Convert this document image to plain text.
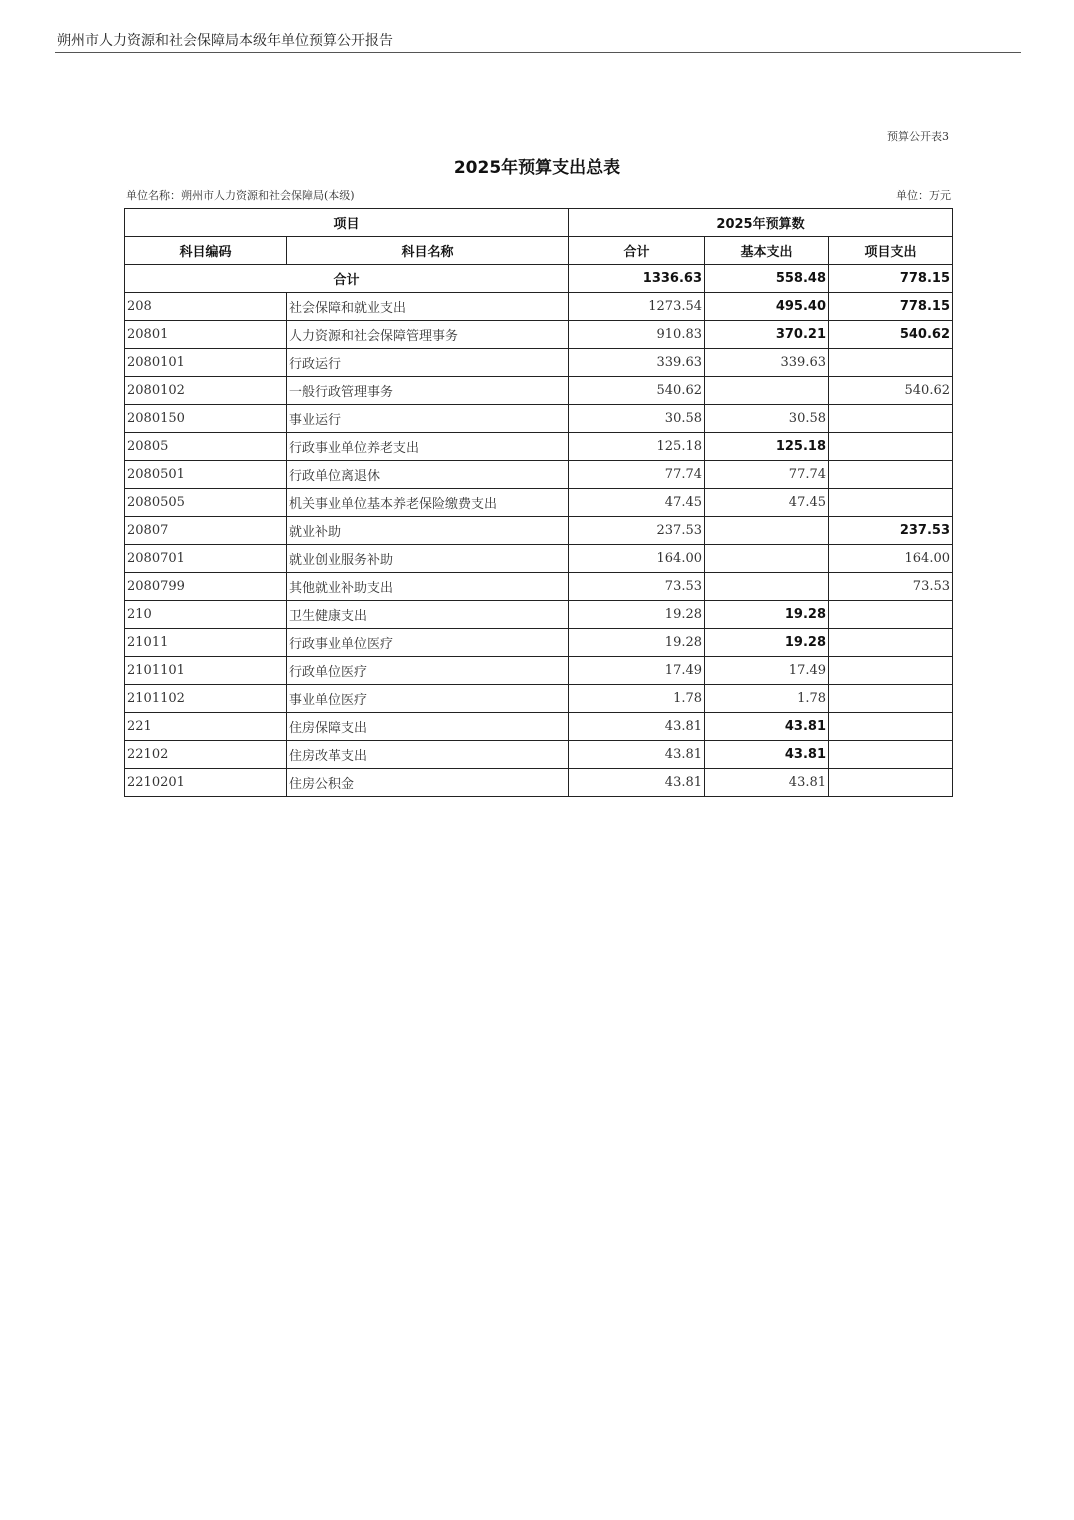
朔州市人力资源和社会保障局本级年单位预算公开报告
预算公开表3
2025年预算支出总表
单位名称：朔州市人力资源和社会保障局(本级)	单位：万元
项目		2025年预算数		
科目编码	科目名称	合计	基本支出	项目支出
合计		1336.63	558.48	778.15
208	社会保障和就业支出	1273.54	495.40	778.15
20801	人力资源和社会保障管理事务	910.83	370.21	540.62
2080101	行政运行	339.63	339.63	
2080102	一般行政管理事务	540.62		540.62
2080150	事业运行	30.58	30.58	
20805	行政事业单位养老支出	125.18	125.18	
2080501	行政单位离退休	77.74	77.74	
2080505	机关事业单位基本养老保险缴费支出	47.45	47.45	
20807	就业补助	237.53		237.53
2080701	就业创业服务补助	164.00		164.00
2080799	其他就业补助支出	73.53		73.53
210	卫生健康支出	19.28	19.28	
21011	行政事业单位医疗	19.28	19.28	
2101101	行政单位医疗	17.49	17.49	
2101102	事业单位医疗	1.78	1.78	
221	住房保障支出	43.81	43.81	
22102	住房改革支出	43.81	43.81	
2210201	住房公积金	43.81	43.81	
